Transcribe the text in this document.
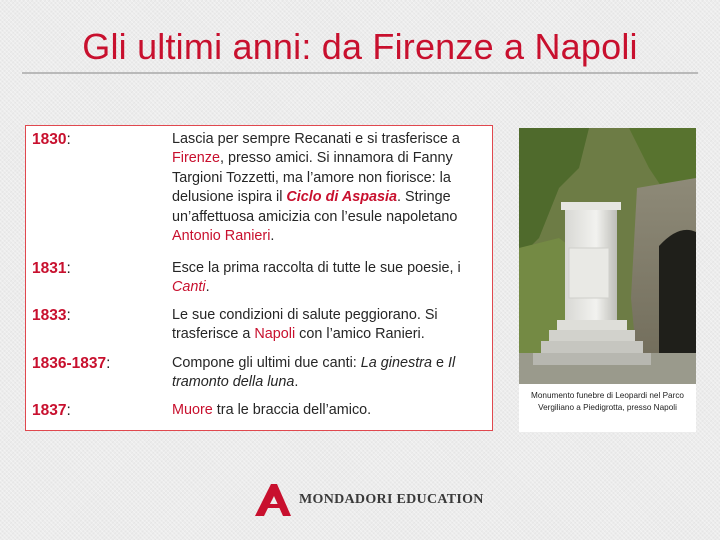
Gli ultimi anni: da Firenze a Napoli
1830:	Lascia per sempre Recanati e si trasferisce a Firenze, presso amici. Si innamora di Fanny Targioni Tozzetti, ma l’amore non fiorisce: la delusione ispira il Ciclo di Aspasia. Stringe un’affettuosa amicizia con l’esule napoletano Antonio Ranieri.
1831:	Esce la prima raccolta di tutte le sue poesie, i Canti.
1833:	Le sue condizioni di salute peggiorano. Si trasferisce a Napoli con l’amico Ranieri.
1836-1837:	Compone gli ultimi due canti: La ginestra e Il tramonto della luna.
1837:	Muore tra le braccia dell’amico.
Monumento funebre di Leopardi nel Parco Vergiliano a Piedigrotta, presso Napoli
MONDADORI EDUCATION
